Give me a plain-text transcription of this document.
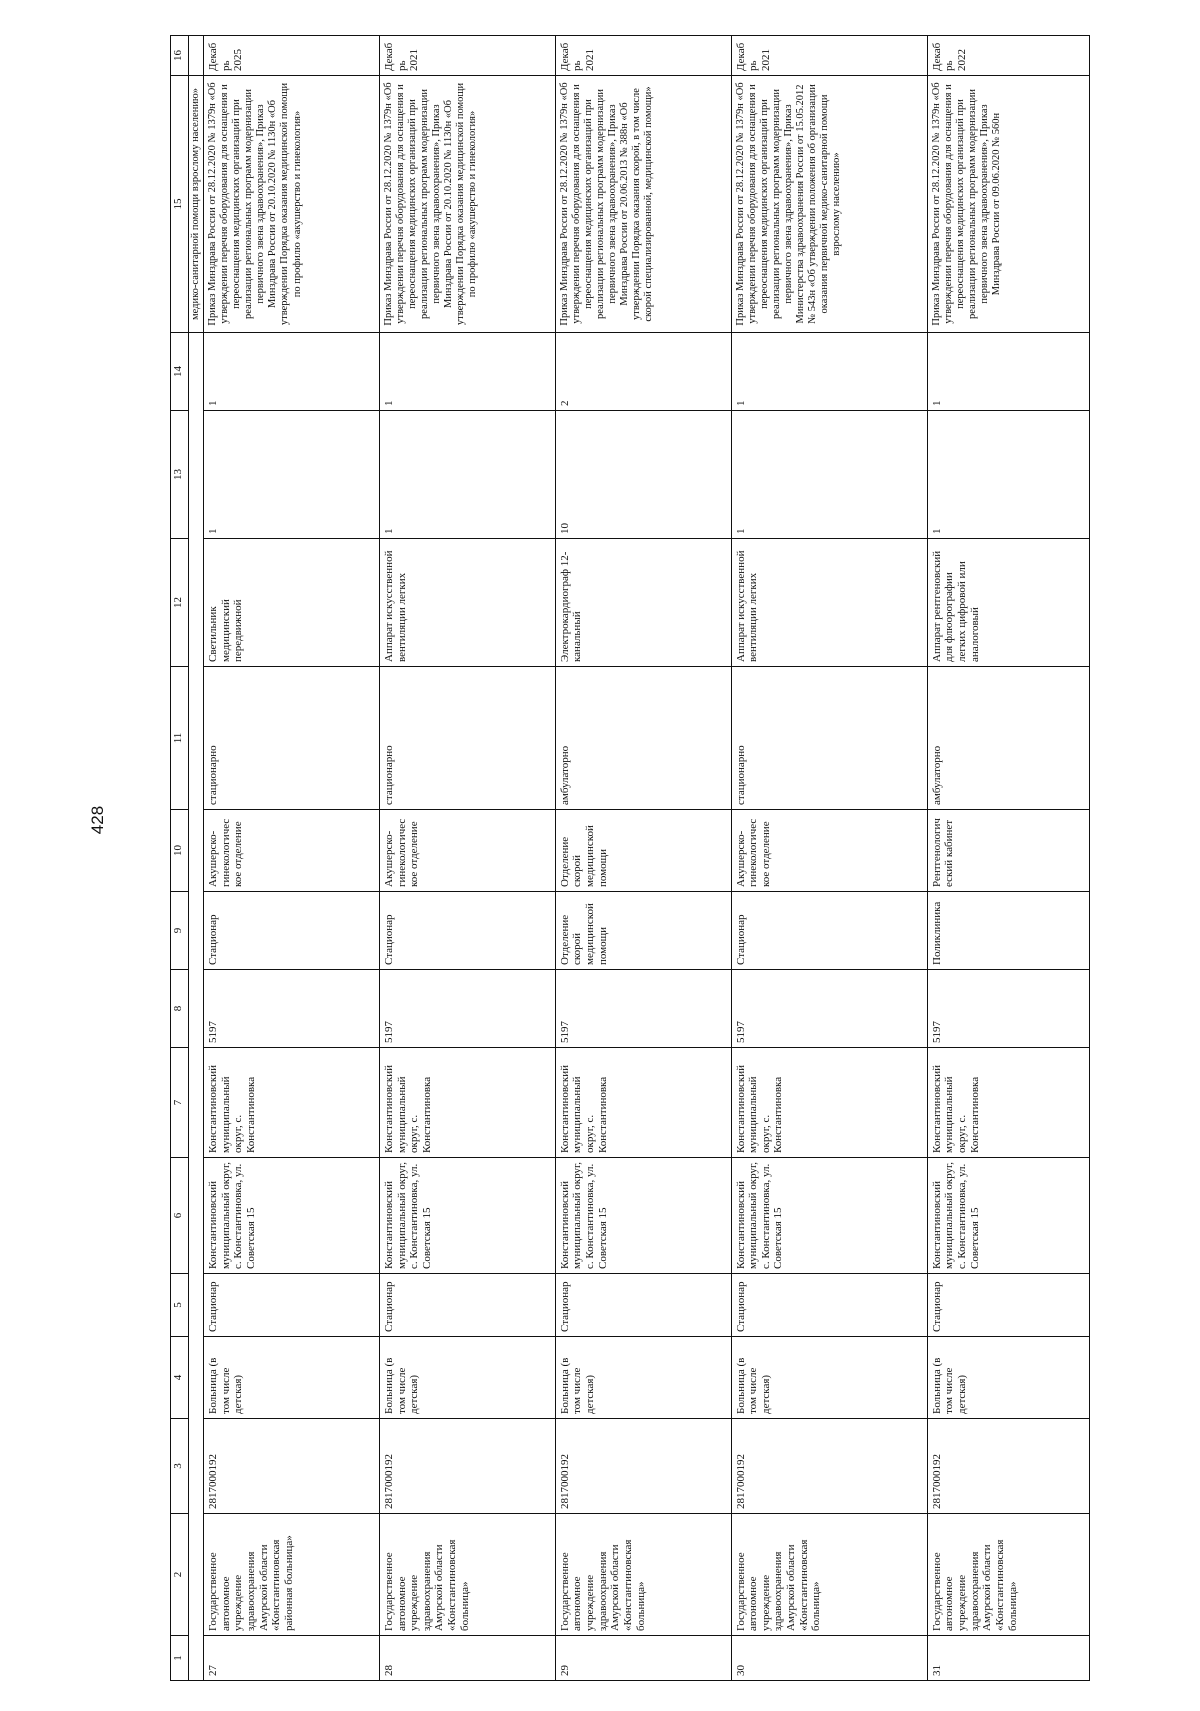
428
1	2	3	4	5	6	7	8	9	10	11	12	13	14	15	16
														медико-санитарной помощи взрослому населению»	
27	Государственное автономное учреждение здравоохранения Амурской области «Константиновская районная больница»	2817000192	Больница (в том числе детская)	Стационар	Константиновский муниципальный округ, с. Константиновка, ул. Советская 15	Константиновский муниципальный округ, с. Константиновка	5197	Стационар	Акушерско-гинекологическое отделение	стационарно	Светильник медицинский передвижной	1	1	Приказ Минздрава России от 28.12.2020 № 1379н «Об утверждении перечня оборудования для оснащения и переоснащения медицинских организаций при реализации региональных программ модернизации первичного звена здравоохранения», Приказ Минздрава России от 20.10.2020 № 1130н «Об утверждении Порядка оказания медицинской помощи по профилю «акушерство и гинекология»	Декабрь 2025
28	Государственное автономное учреждение здравоохранения Амурской области «Константиновская больница»	2817000192	Больница (в том числе детская)	Стационар	Константиновский муниципальный округ, с. Константиновка, ул. Советская 15	Константиновский муниципальный округ, с. Константиновка	5197	Стационар	Акушерско-гинекологическое отделение	стационарно	Аппарат искусственной вентиляции легких	1	1	Приказ Минздрава России от 28.12.2020 № 1379н «Об утверждении перечня оборудования для оснащения и переоснащения медицинских организаций при реализации региональных программ модернизации первичного звена здравоохранения», Приказ Минздрава России от 20.10.2020 № 1130н «Об утверждении Порядка оказания медицинской помощи по профилю «акушерство и гинекология»	Декабрь 2021
29	Государственное автономное учреждение здравоохранения Амурской области «Константиновская больница»	2817000192	Больница (в том числе детская)	Стационар	Константиновский муниципальный округ, с. Константиновка, ул. Советская 15	Константиновский муниципальный округ, с. Константиновка	5197	Отделение скорой медицинской помощи	Отделение скорой медицинской помощи	амбулаторно	Электрокардиограф 12-канальный	10	2	Приказ Минздрава России от 28.12.2020 № 1379н «Об утверждении перечня оборудования для оснащения и переоснащения медицинских организаций при реализации региональных программ модернизации первичного звена здравоохранения», Приказ Минздрава России от 20.06.2013 № 388н «Об утверждении Порядка оказания скорой, в том числе скорой специализированной, медицинской помощи»	Декабрь 2021
30	Государственное автономное учреждение здравоохранения Амурской области «Константиновская больница»	2817000192	Больница (в том числе детская)	Стационар	Константиновский муниципальный округ, с. Константиновка, ул. Советская 15	Константиновский муниципальный округ, с. Константиновка	5197	Стационар	Акушерско-гинекологическое отделение	стационарно	Аппарат искусственной вентиляции легких	1	1	Приказ Минздрава России от 28.12.2020 № 1379н «Об утверждении перечня оборудования для оснащения и переоснащения медицинских организаций при реализации региональных программ модернизации первичного звена здравоохранения», Приказ Министерства здравоохранения России от 15.05.2012 № 543н «Об утверждении положения об организации оказания первичной медико-санитарной помощи взрослому населению»	Декабрь 2021
31	Государственное автономное учреждение здравоохранения Амурской области «Константиновская больница»	2817000192	Больница (в том числе детская)	Стационар	Константиновский муниципальный округ, с. Константиновка, ул. Советская 15	Константиновский муниципальный округ, с. Константиновка	5197	Поликлиника	Рентгенологический кабинет	амбулаторно	Аппарат рентгеновский для флюорографии легких цифровой или аналоговый	1	1	Приказ Минздрава России от 28.12.2020 № 1379н «Об утверждении перечня оборудования для оснащения и переоснащения медицинских организаций при реализации региональных программ модернизации первичного звена здравоохранения», Приказ Минздрава России от 09.06.2020 № 560н	Декабрь 2022
